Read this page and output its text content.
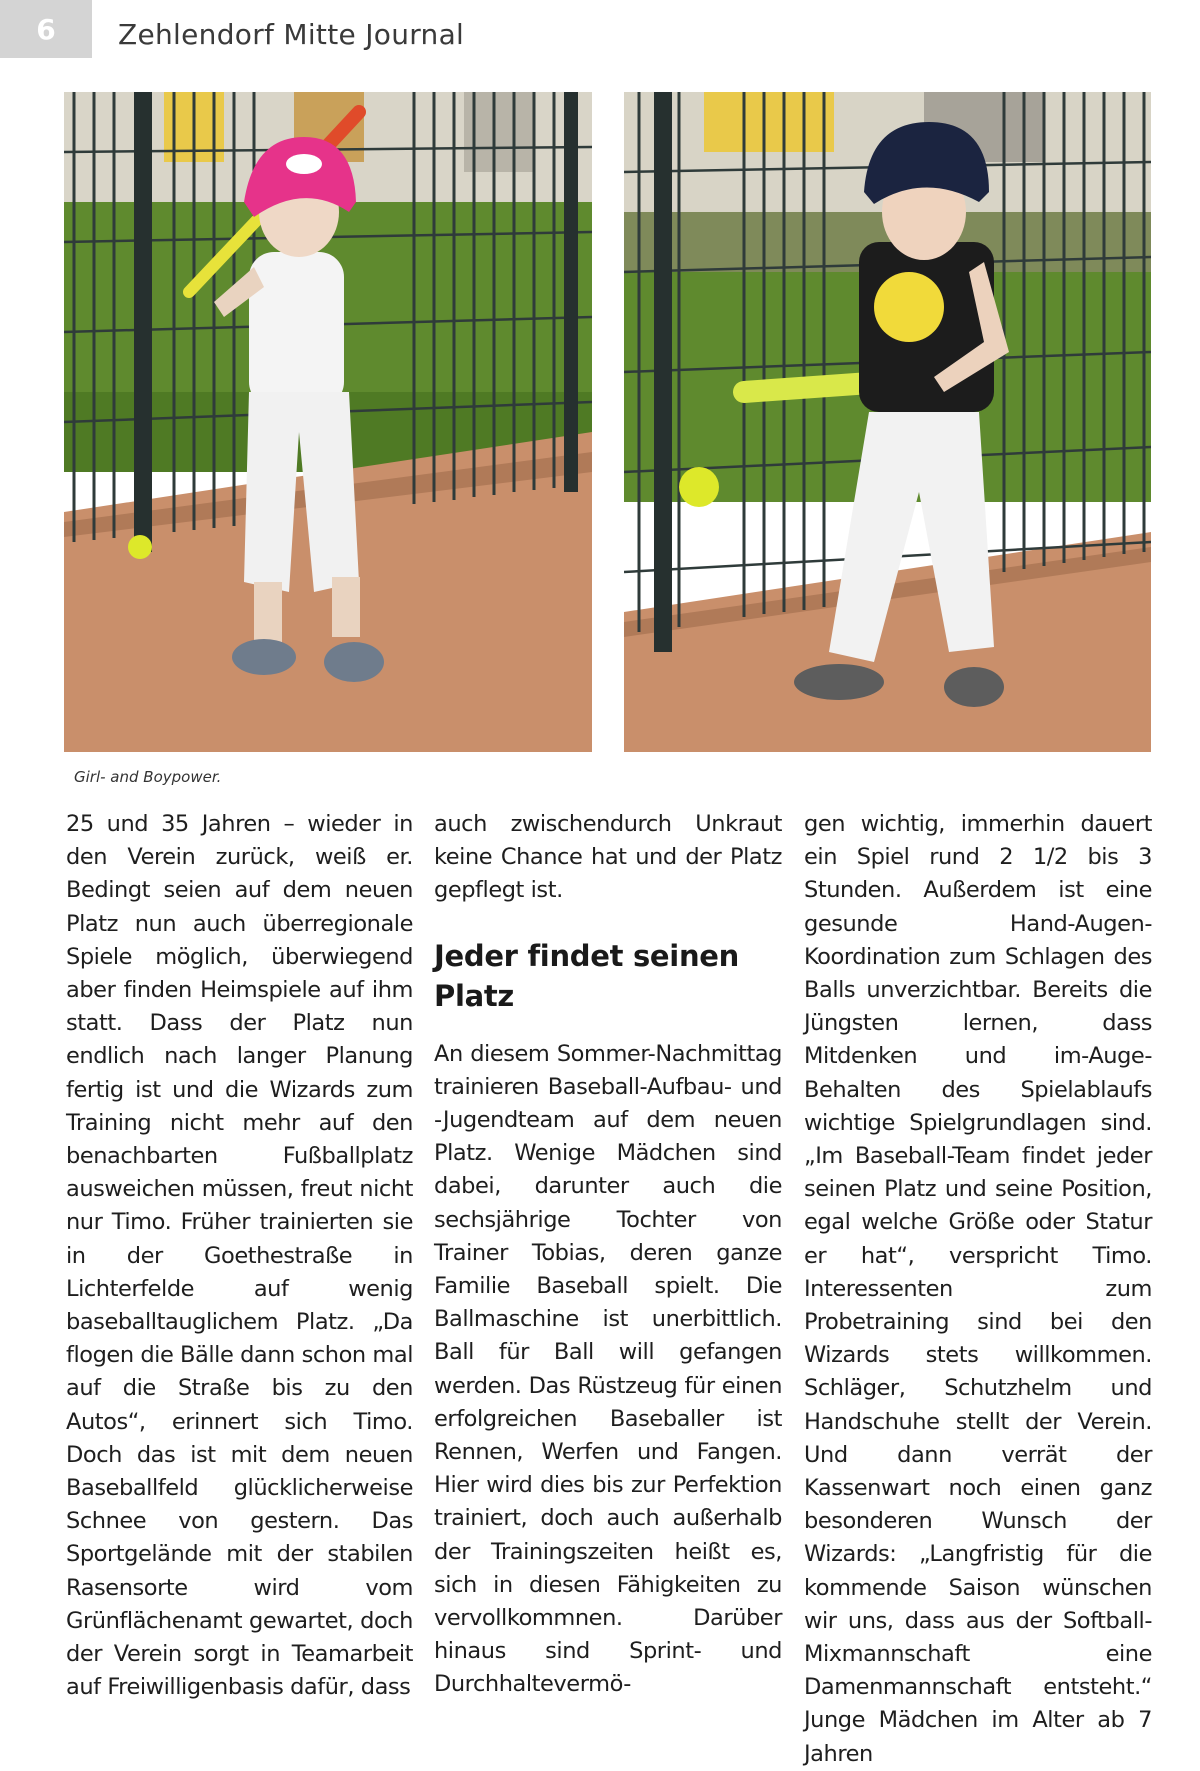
6 Zehlendorf Mitte Journal
Girl- and Boypower.

25 und 35 Jahren – wieder in den Verein zurück, weiß er. Bedingt seien auf dem neuen Platz nun auch überregionale Spiele möglich, überwiegend aber finden Heimspiele auf ihm statt. Dass der Platz nun endlich nach langer Planung fertig ist und die Wizards zum Training nicht mehr auf den benachbarten Fußballplatz ausweichen müssen, freut nicht nur Timo. Früher trainierten sie in der Goethestraße in Lichterfelde auf wenig baseballtauglichem Platz. „Da flogen die Bälle dann schon mal auf die Straße bis zu den Autos“, erinnert sich Timo. Doch das ist mit dem neuen Baseballfeld glücklicherweise Schnee von gestern. Das Sportgelände mit der stabilen Rasensorte wird vom Grünflächenamt gewartet, doch der Verein sorgt in Teamarbeit auf Freiwilligenbasis dafür, dass

auch zwischendurch Unkraut keine Chance hat und der Platz gepflegt ist.

Jeder findet seinen Platz

An diesem Sommer-Nachmittag trainieren Baseball-Aufbau- und -Jugendteam auf dem neuen Platz. Wenige Mädchen sind dabei, darunter auch die sechsjährige Tochter von Trainer Tobias, deren ganze Familie Baseball spielt. Die Ballmaschine ist unerbittlich. Ball für Ball will gefangen werden. Das Rüstzeug für einen erfolgreichen Baseballer ist Rennen, Werfen und Fangen. Hier wird dies bis zur Perfektion trainiert, doch auch außerhalb der Trainingszeiten heißt es, sich in diesen Fähigkeiten zu vervollkommnen. Darüber hinaus sind Sprint- und Durchhaltevermö-

gen wichtig, immerhin dauert ein Spiel rund 2 1/2 bis 3 Stunden. Außerdem ist eine gesunde Hand-Augen-Koordination zum Schlagen des Balls unverzichtbar. Bereits die Jüngsten lernen, dass Mitdenken und im-Auge-Behalten des Spielablaufs wichtige Spielgrundlagen sind. „Im Baseball-Team findet jeder seinen Platz und seine Position, egal welche Größe oder Statur er hat“, verspricht Timo. Interessenten zum Probetraining sind bei den Wizards stets willkommen. Schläger, Schutzhelm und Handschuhe stellt der Verein. Und dann verrät der Kassenwart noch einen ganz besonderen Wunsch der Wizards: „Langfristig für die kommende Saison wünschen wir uns, dass aus der Softball-Mixmannschaft eine Damenmannschaft entsteht.“ Junge Mädchen im Alter ab 7 Jahren
